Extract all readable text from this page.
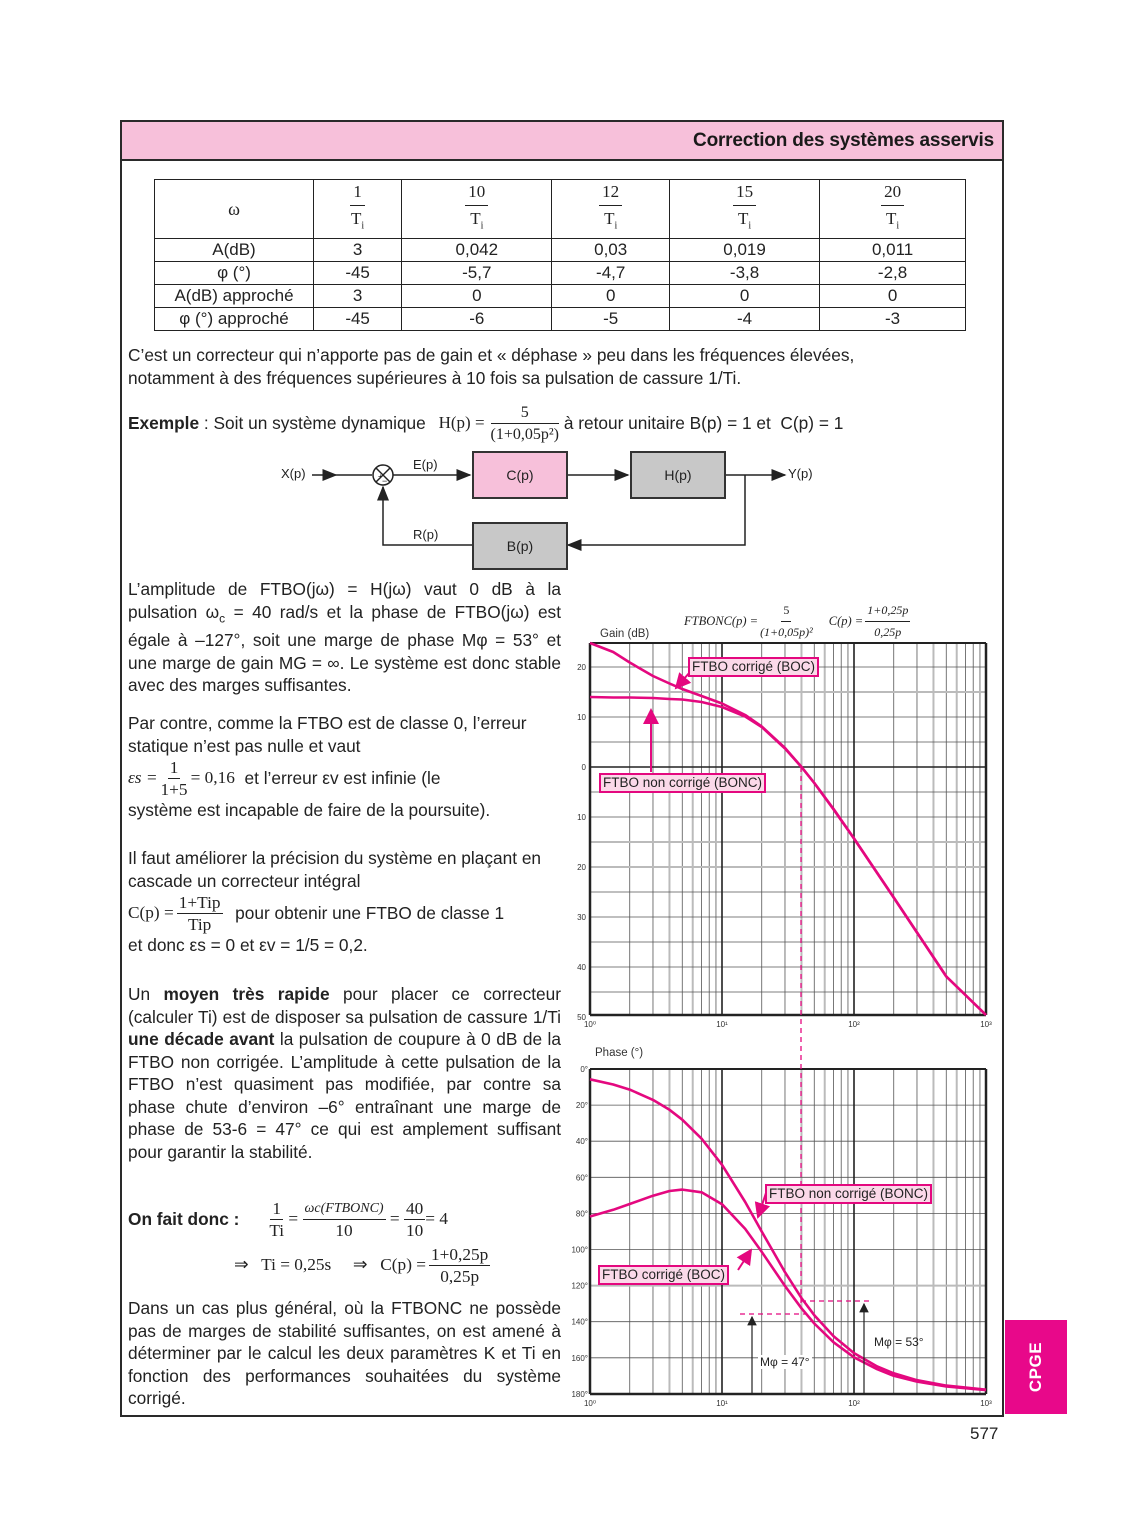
Correction des systèmes asservis
ω	$\frac{1}{T_i}$	$\frac{10}{T_i}$	$\frac{12}{T_i}$	$\frac{15}{T_i}$	$\frac{20}{T_i}$

A(dB)	3	0,042	0,03	0,019	0,011
φ (°)	-45	-5,7	-4,7	-3,8	-2,8
A(dB) approché	3	0	0	0	0
φ (°) approché	-45	-6	-5	-4	-3
C’est un correcteur qui n’apporte pas de gain et « déphase » peu dans les fréquences élevées,
notamment à des fréquences supérieures à 10 fois sa pulsation de cassure 1/Ti.
Exemple : Soit un système dynamique $H(p) = \frac{5}{\text{(1+0,05p²)}}$ à retour unitaire B(p) = 1 et  C(p) = 1
+ −
X(p)
E(p)
C(p)	H(p)	Y(p)
R(p)
B(p)
L’amplitude de FTBO(jω) = H(jω) vaut 0 dB à la pulsation $\omega_c = 40$ rad/s et la phase de FTBO(jω) est égale à –127°, soit une marge de phase Mφ = 53° et une marge de gain MG = ∞. Le système est donc stable avec des marges suffisantes.
Par contre, comme la FTBO est de classe 0, l’erreur statique n’est pas nulle et vaut
$\varepsilon s = \frac{1}{1+5} = 0,16$ et l’erreur εv est infinie (le
système est incapable de faire de la poursuite).
Il faut améliorer la précision du système en plaçant en cascade un correcteur intégral
$C(p) = \frac{\text{1+Tip}}{\text{Tip}}$ pour obtenir une FTBO de classe 1
et donc εs = 0 et εv = 1/5 = 0,2.
Un moyen très rapide pour placer ce correcteur (calculer Ti) est de disposer sa pulsation de cassure 1/Ti une décade avant la pulsation de coupure à 0 dB de la FTBO non corrigée. L’amplitude à cette pulsation de la FTBO n’est quasiment pas modifiée, par contre sa phase chute d’environ –6° entraînant une marge de phase de 53-6 = 47° ce qui est amplement suffisant pour garantir la stabilité.
On fait donc : $\frac{1}{Ti} = \frac{\text{ωc(FTBONC)}}{10} = \frac{40}{10} = 4$
⇒   Ti = 0,25s     ⇒   $C(p) = \frac{1+0,25p}{0,25p}$
Dans un cas plus général, où la FTBONC ne possède pas de marges de stabilité suffisantes, on est amené à déterminer par le calcul les deux paramètres K et Ti en fonction des performances souhaitées du système corrigé.
FTBONC(p) = $\frac{5}{\text{(1+0,05p)²}} C(p) = \frac{1+0,25p}{0,25p}$
Gain (dB)
Phase (°)
20
10
0
10
20
30
40
50
10⁰	10¹	10²	10³
0°
20°
40°
60°
80°
100°
120°
140°
160°
180°
10⁰	10¹	10²	10³
FTBO corrigé (BOC)
FTBO non corrigé (BONC)
FTBO non corrigé (BONC)
FTBO corrigé (BOC)
Mφ = 53°
Mφ = 47°	CPGE
577
